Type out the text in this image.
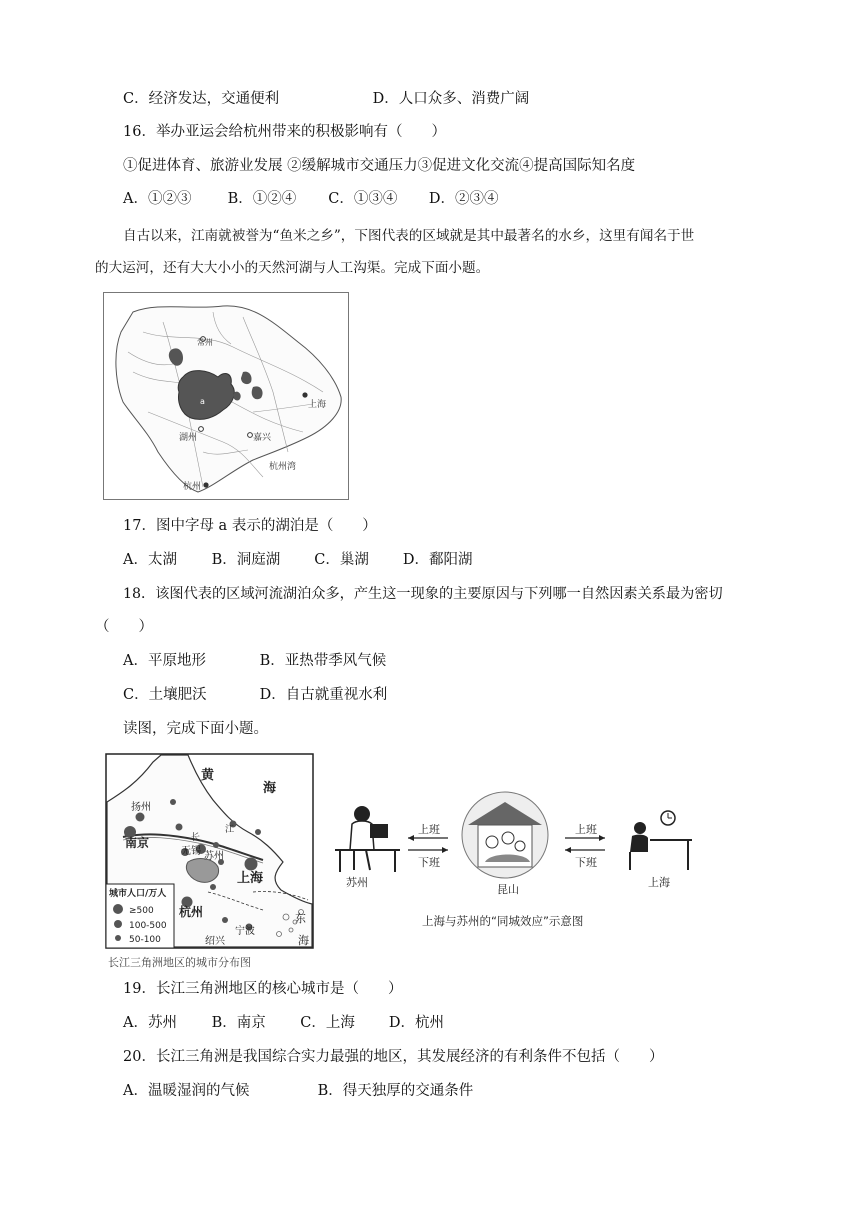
C．经济发达，交通便利	D．人口众多、消费广阔
16．举办亚运会给杭州带来的积极影响有（　　）
①促进体育、旅游业发展 ②缓解城市交通压力③促进文化交流④提高国际知名度
A．①②③ B．①②④ C．①③④ D．②③④
自古以来，江南就被誉为“鱼米之乡”，下图代表的区域就是其中最著名的水乡，这里有闻名于世
的大运河，还有大大小小的天然河湖与人工沟渠。完成下面小题。
常州
a	上海
湖州	嘉兴
杭州湾
杭州
17．图中字母 a 表示的湖泊是（　　）
A．太湖 B．洞庭湖 C．巢湖 D．鄱阳湖
18．该图代表的区域河流湖泊众多，产生这一现象的主要原因与下列哪一自然因素关系最为密切
（　　）
A．平原地形	B．亚热带季风气候
C．土壤肥沃	D．自古就重视水利
读图，完成下面小题。
黄
海
东
海
扬州
南京	长
江
无锡 苏州
上海
杭州
绍兴
宁波
城市人口/万人
≥500
100-500
50-100
长江三角洲地区的城市分布图
苏州
上班
下班
昆山
上班
下班
上海
上海与苏州的“同城效应”示意图
19．长江三角洲地区的核心城市是（　　）
A．苏州 B．南京 C．上海 D．杭州
20．长江三角洲是我国综合实力最强的地区，其发展经济的有利条件不包括（　　）
A．温暖湿润的气候	B．得天独厚的交通条件
